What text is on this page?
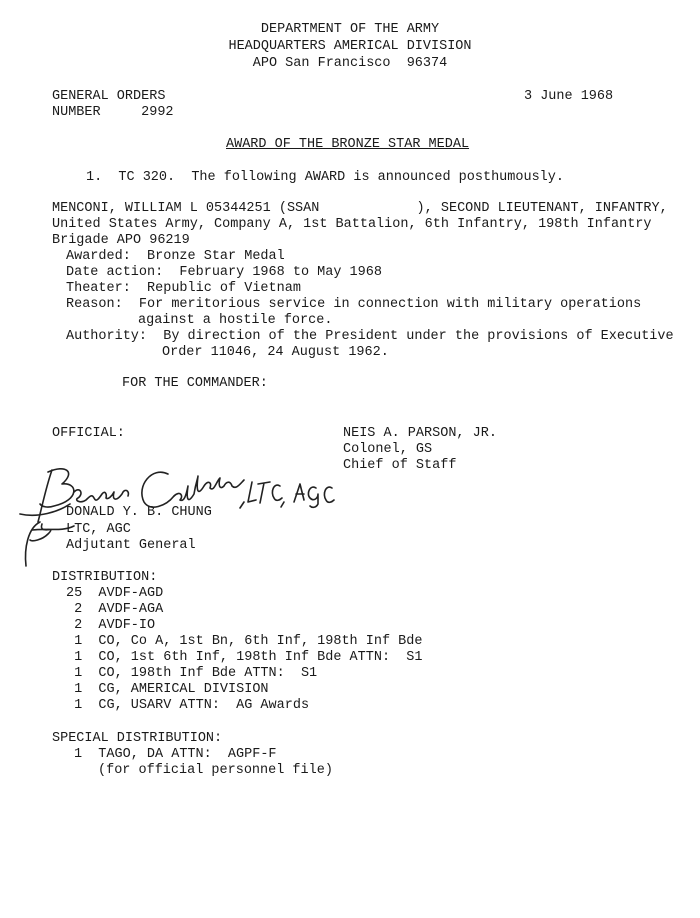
DEPARTMENT OF THE ARMY
HEADQUARTERS AMERICAL DIVISION
APO San Francisco  96374
GENERAL ORDERS
NUMBER     2992
3 June 1968
AWARD OF THE BRONZE STAR MEDAL
1.  TC 320.  The following AWARD is announced posthumously.
MENCONI, WILLIAM L 05344251 (SSAN            ), SECOND LIEUTENANT, INFANTRY,
United States Army, Company A, 1st Battalion, 6th Infantry, 198th Infantry
Brigade APO 96219
Awarded:  Bronze Star Medal
Date action:  February 1968 to May 1968
Theater:  Republic of Vietnam
Reason:  For meritorious service in connection with military operations
against a hostile force.
Authority:  By direction of the President under the provisions of Executive
Order 11046, 24 August 1962.
FOR THE COMMANDER:
OFFICIAL:	NEIS A. PARSON, JR.
Colonel, GS
Chief of Staff
DONALD Y. B. CHUNG
LTC, AGC
Adjutant General
DISTRIBUTION:
25  AVDF-AGD
2  AVDF-AGA
2  AVDF-IO
1  CO, Co A, 1st Bn, 6th Inf, 198th Inf Bde
1  CO, 1st 6th Inf, 198th Inf Bde ATTN:  S1
1  CO, 198th Inf Bde ATTN:  S1
1  CG, AMERICAL DIVISION
1  CG, USARV ATTN:  AG Awards
SPECIAL DISTRIBUTION:
1  TAGO, DA ATTN:  AGPF-F
(for official personnel file)
